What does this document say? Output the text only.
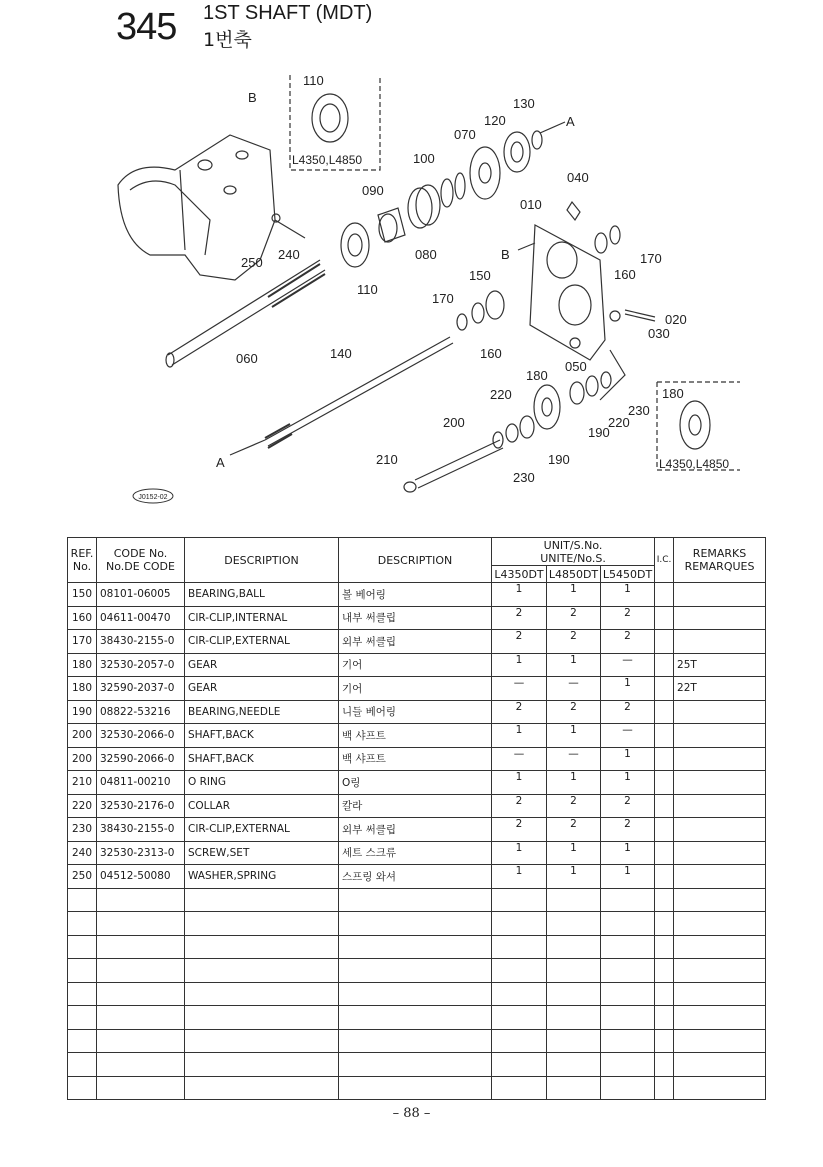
345 1ST SHAFT (MDT)
1번축
110
L4350,L4850
130
120
070
100
040
090
010
B
170
160
250
240	080
150
110
170
020
030
060	140	160
050
180
220	180
200
230
220
190
L4350,L4850
210	190
230
A
A
B
J0152-02
REF.
No.	CODE No.
No.DE CODE	DESCRIPTION	DESCRIPTION	UNIT/S.No.
UNITE/No.S.			I.C.	REMARKS
REMARQUES
				L4350DT	L4850DT	L5450DT		
150	08101-06005	BEARING,BALL	볼 베어링	1	1	1		
160	04611-00470	CIR-CLIP,INTERNAL	내부 써클립	2	2	2		
170	38430-2155-0	CIR-CLIP,EXTERNAL	외부 써클립	2	2	2		
180	32530-2057-0	GEAR	기어	1	1	—		25T
180	32590-2037-0	GEAR	기어	—	—	1		22T
190	08822-53216	BEARING,NEEDLE	니들 베어링	2	2	2		
200	32530-2066-0	SHAFT,BACK	백 샤프트	1	1	—		
200	32590-2066-0	SHAFT,BACK	백 샤프트	—	—	1		
210	04811-00210	O RING	O링	1	1	1		
220	32530-2176-0	COLLAR	칼라	2	2	2		
230	38430-2155-0	CIR-CLIP,EXTERNAL	외부 써클립	2	2	2		
240	32530-2313-0	SCREW,SET	세트 스크류	1	1	1		
250	04512-50080	WASHER,SPRING	스프링 와셔	1	1	1		

– 88 –
